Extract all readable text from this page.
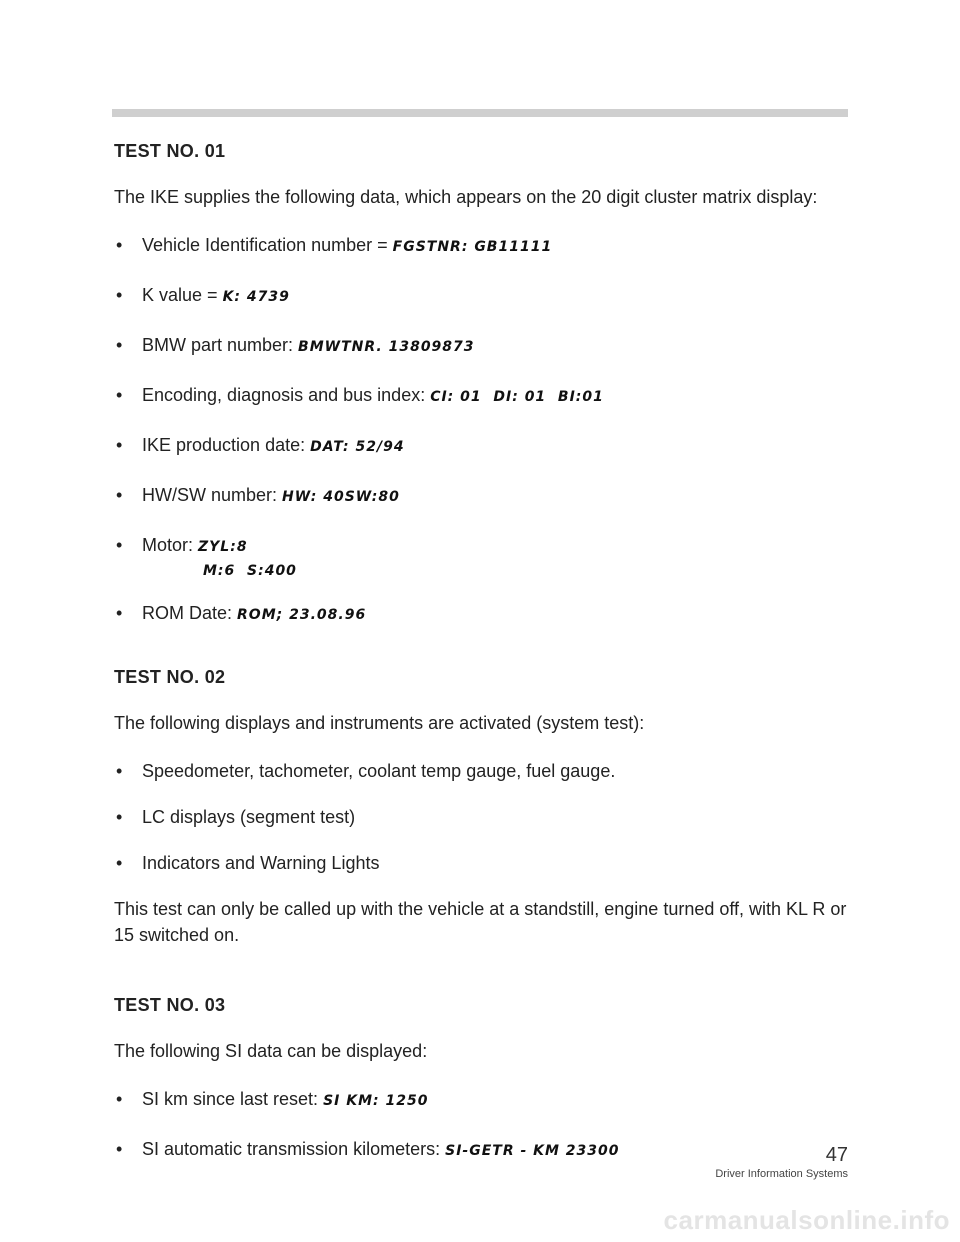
TEST NO. 01

The IKE supplies the following data, which appears on the 20 digit cluster matrix display:

• Vehicle Identification number = FGSTNR: GB11111
• K value = K: 4739
• BMW part number: BMWTNR. 13809873
• Encoding, diagnosis and bus index: CI: 01  DI: 01  BI:01
• IKE production date: DAT: 52/94
• HW/SW number: HW: 40SW:80
• Motor: ZYL:8
M:6  S:400
• ROM Date: ROM; 23.08.96
TEST NO. 02

The following displays and instruments are activated (system test):

• Speedometer, tachometer, coolant temp gauge, fuel gauge.
• LC displays (segment test)
• Indicators and Warning Lights

This test can only be called up with the vehicle at a standstill, engine turned off, with KL R or 15 switched on.

TEST NO. 03

The following SI data can be displayed:

• SI km since last reset: SI KM: 1250
• SI automatic transmission kilometers: SI-GETR - KM 23300	47
Driver Information Systems
carmanualsonline.info
